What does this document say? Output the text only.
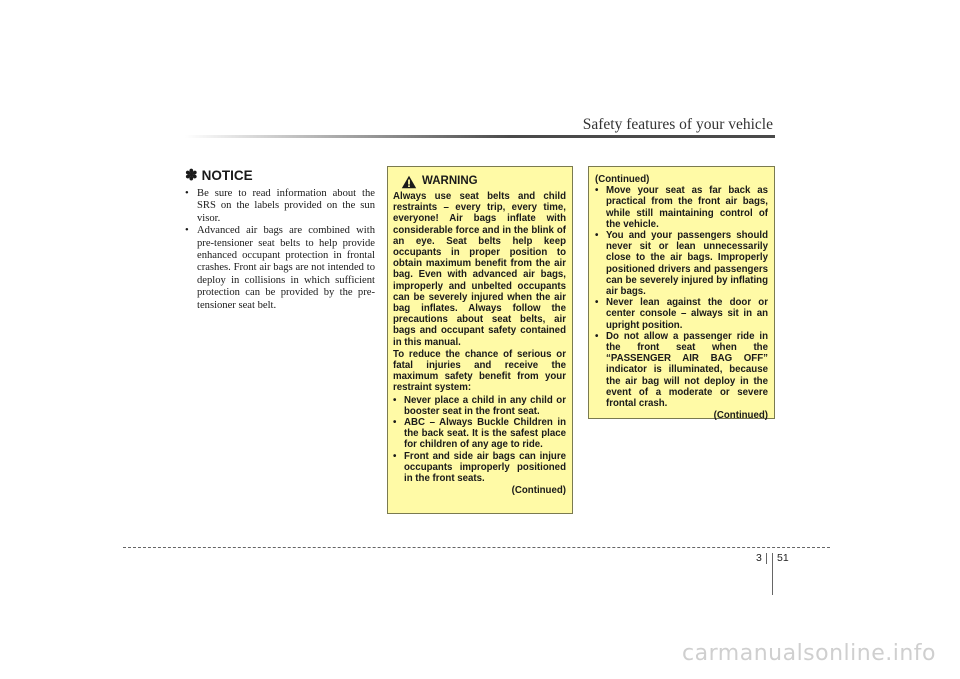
Safety features of your vehicle
✽ NOTICE
• Be sure to read information about the SRS on the labels provided on the sun visor.
• Advanced air bags are combined with pre-tensioner seat belts to help provide enhanced occupant protection in frontal crashes. Front air bags are not intended to deploy in collisions in which sufficient protection can be provided by the pre-tensioner seat belt.
WARNING
Always use seat belts and child restraints – every trip, every time, everyone! Air bags inflate with considerable force and in the blink of an eye. Seat belts help keep occupants in proper position to obtain maximum benefit from the air bag. Even with advanced air bags, improperly and unbelted occupants can be severely injured when the air bag inflates. Always follow the precautions about seat belts, air bags and occupant safety contained in this manual.
To reduce the chance of serious or fatal injuries and receive the maximum safety benefit from your restraint system:
• Never place a child in any child or booster seat in the front seat.
• ABC – Always Buckle Children in the back seat. It is the safest place for children of any age to ride.
• Front and side air bags can injure occupants improperly positioned in the front seats.
(Continued)
(Continued)
• Move your seat as far back as practical from the front air bags, while still maintaining control of the vehicle.
• You and your passengers should never sit or lean unnecessarily close to the air bags. Improperly positioned drivers and passengers can be severely injured by inflating air bags.
• Never lean against the door or center console – always sit in an upright position.
• Do not allow a passenger ride in the front seat when the “PASSENGER AIR BAG OFF” indicator is illuminated, because the air bag will not deploy in the event of a moderate or severe frontal crash.
(Continued)
3 51
carmanualsonline.info
